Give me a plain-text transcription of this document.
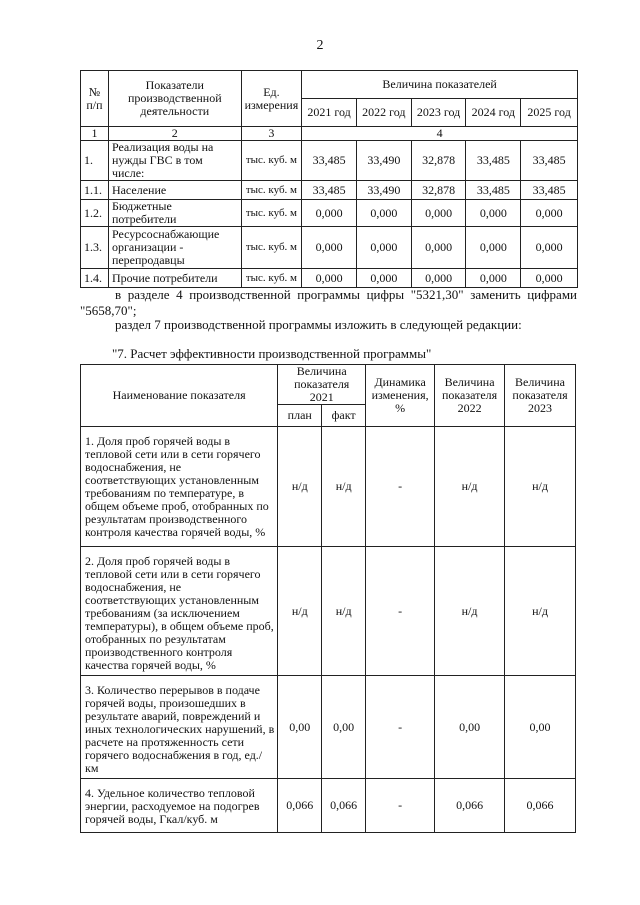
2
№ п/п	Показатели производственной деятельности	Ед. измерения	Величина показателей				
			2021 год	2022 год	2023 год	2024 год	2025 год
1	2	3	4				
1.	Реализация воды на нужды ГВС в том числе:	тыс. куб. м	33,485	33,490	32,878	33,485	33,485
1.1.	Население	тыс. куб. м	33,485	33,490	32,878	33,485	33,485
1.2.	Бюджетные потребители	тыс. куб. м	0,000	0,000	0,000	0,000	0,000
1.3.	Ресурсоснабжающие организации - перепродавцы	тыс. куб. м	0,000	0,000	0,000	0,000	0,000
1.4.	Прочие потребители	тыс. куб. м	0,000	0,000	0,000	0,000	0,000
в разделе 4 производственной программы цифры "5321,30" заменить цифрами "5658,70";
раздел 7 производственной программы изложить в следующей редакции:
"7. Расчет эффективности производственной программы"
Наименование показателя	Величина показателя 2021		Динамика изменения, %	Величина показателя 2022	Величина показателя 2023
	план	факт			
1. Доля проб горячей воды в тепловой сети или в сети горячего водоснабжения, не соответствующих установленным требованиям по температуре, в общем объеме проб, отобранных по результатам производственного контроля качества горячей воды, %	н/д	н/д	-	н/д	н/д
2. Доля проб горячей воды в тепловой сети или в сети горячего водоснабжения, не соответствующих установленным требованиям (за исключением температуры), в общем объеме проб, отобранных по результатам производственного контроля качества горячей воды, %	н/д	н/д	-	н/д	н/д
3. Количество перерывов в подаче горячей воды, произошедших в результате аварий, повреждений и иных технологических нарушений, в расчете на протяженность сети горячего водоснабжения в год, ед./км	0,00	0,00	-	0,00	0,00
4. Удельное количество тепловой энергии, расходуемое на подогрев горячей воды, Гкал/куб. м	0,066	0,066	-	0,066	0,066
